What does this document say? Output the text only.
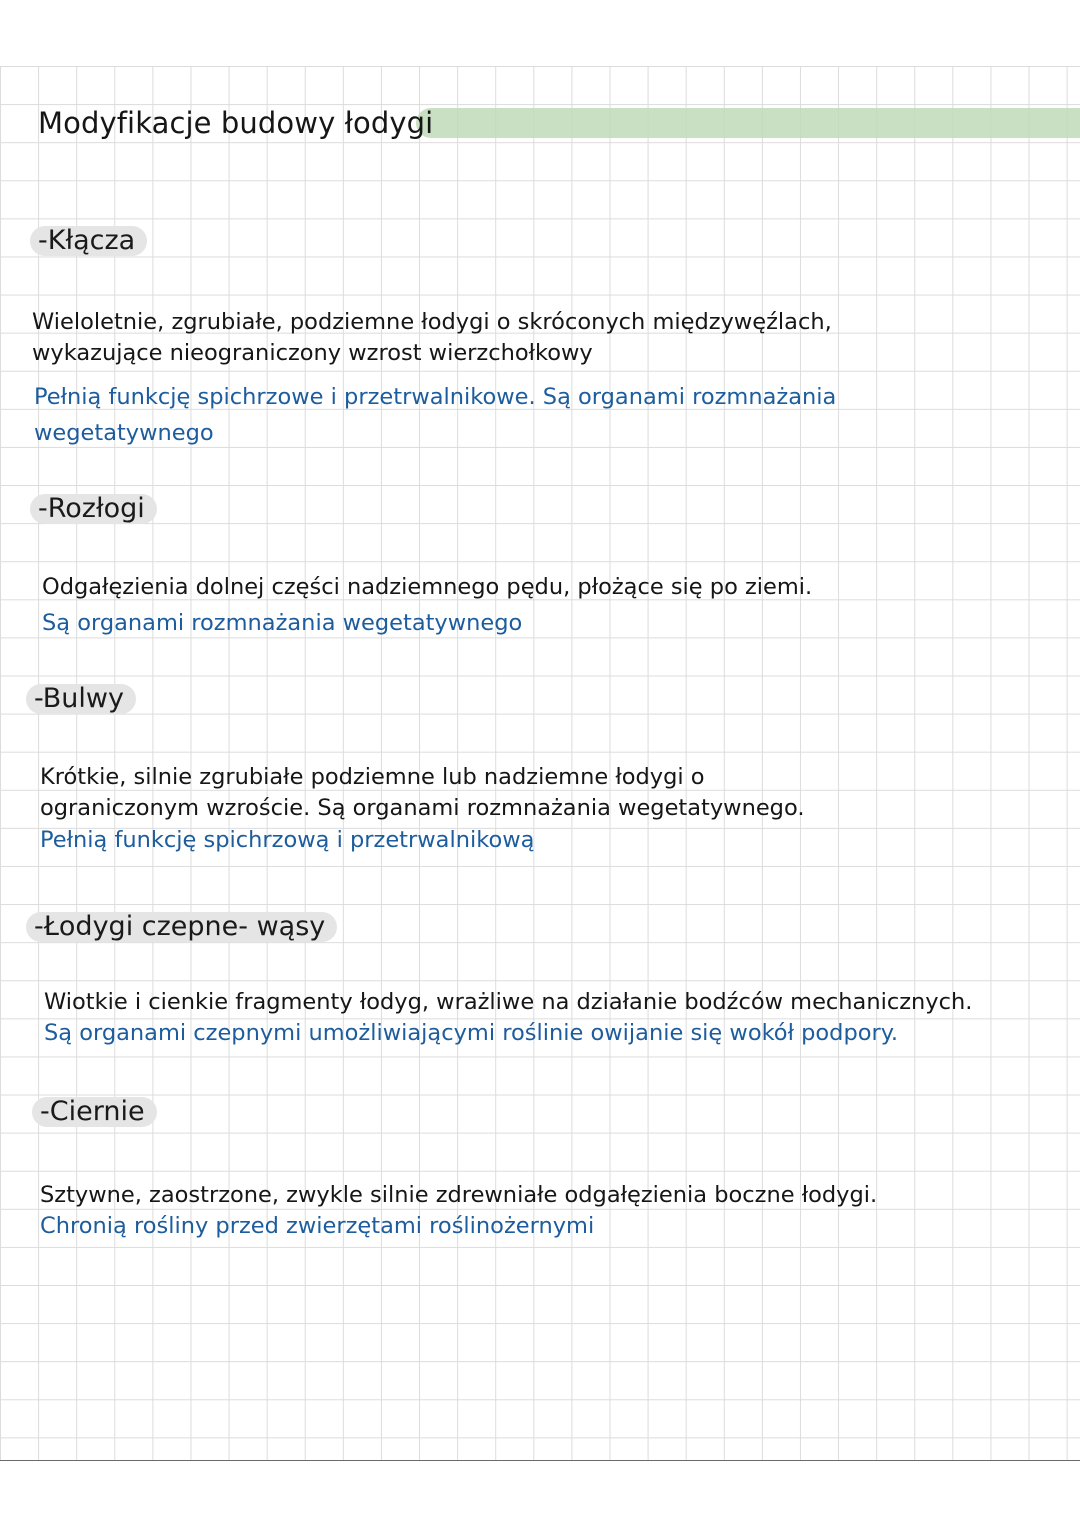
Modyfikacje budowy łodygi
-Kłącza
Wieloletnie, zgrubiałe, podziemne łodygi o skróconych międzywęźlach,
wykazujące nieograniczony wzrost wierzchołkowy
Pełnią funkcję spichrzowe i przetrwalnikowe. Są organami rozmnażania
wegetatywnego
-Rozłogi
Odgałęzienia dolnej części nadziemnego pędu, płożące się po ziemi.
Są organami rozmnażania wegetatywnego
-Bulwy
Krótkie, silnie zgrubiałe podziemne lub nadziemne łodygi o
ograniczonym wzroście. Są organami rozmnażania wegetatywnego.
Pełnią funkcję spichrzową i przetrwalnikową
-Łodygi czepne- wąsy
Wiotkie i cienkie fragmenty łodyg, wrażliwe na działanie bodźców mechanicznych.
Są organami czepnymi umożliwiającymi roślinie owijanie się wokół podpory.
-Ciernie
Sztywne, zaostrzone, zwykle silnie zdrewniałe odgałęzienia boczne łodygi.
Chronią rośliny przed zwierzętami roślinożernymi
